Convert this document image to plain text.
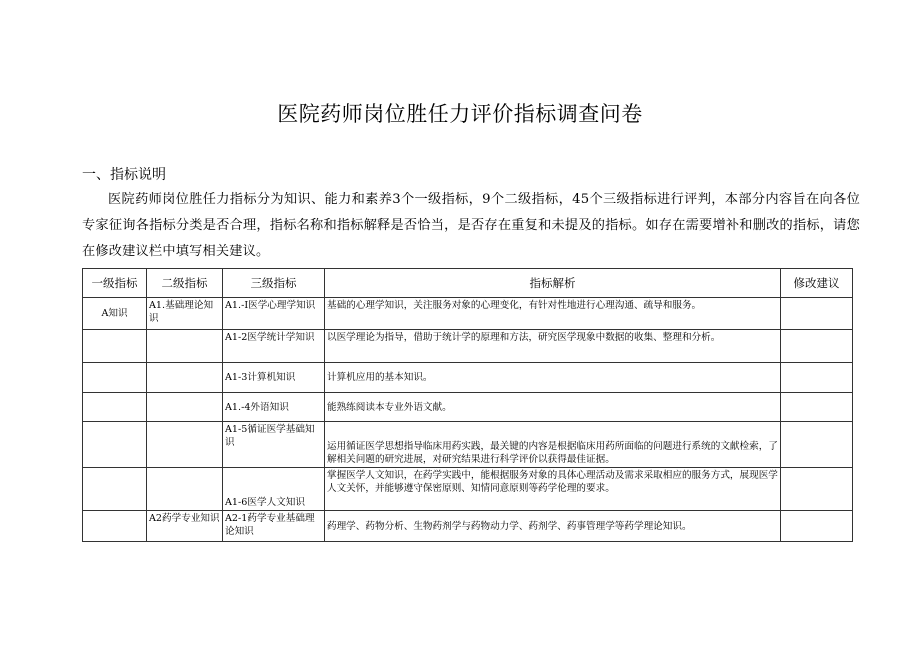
医院药师岗位胜任力评价指标调查问卷
一、指标说明
医院药师岗位胜任力指标分为知识、能力和素养3个一级指标，9个二级指标，45个三级指标进行评判，本部分内容旨在向各位专家征询各指标分类是否合理，指标名称和指标解释是否恰当，是否存在重复和未提及的指标。如存在需要增补和删改的指标，请您在修改建议栏中填写相关建议。
一级指标	二级指标	三级指标	指标解析	修改建议
A知识	A1.基础理论知识	A1.-I医学心理学知识	基础的心理学知识，关注服务对象的心理变化，有针对性地进行心理沟通、疏导和服务。	
		A1-2医学统计学知识	以医学理论为指导，借助于统计学的原理和方法，研究医学现象中数据的收集、整理和分析。	
		A1-3计算机知识	计算机应用的基本知识。	
		A1.-4外语知识	能熟练阅读本专业外语文献。	
		A1-5循证医学基础知识	运用循证医学思想指导临床用药实践，最关键的内容是根据临床用药所面临的问题进行系统的文献检索，了解相关问题的研究进展，对研究结果进行科学评价以获得最佳证据。	
		A1-6医学人文知识	掌握医学人文知识，在药学实践中，能根据服务对象的具体心理活动及需求采取相应的服务方式，展现医学人文关怀，并能够遵守保密原则、知情同意原则等药学伦理的要求。	
	A2药学专业知识	A2-1药学专业基础理论知识	药理学、药物分析、生物药剂学与药物动力学、药剂学、药事管理学等药学理论知识。	
